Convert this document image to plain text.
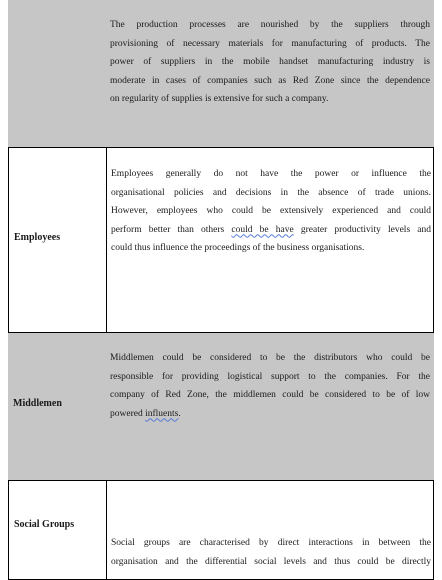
The production processes are nourished by the suppliers through
provisioning of necessary materials for manufacturing of products. The
power of suppliers in the mobile handset manufacturing industry is
moderate in cases of companies such as Red Zone since the dependence
on regularity of supplies is extensive for such a company.

Employees

Employees generally do not have the power or influence the
organisational policies and decisions in the absence of trade unions.
However, employees who could be extensively experienced and could
perform better than others could be have greater productivity levels and
could thus influence the proceedings of the business organisations.

Middlemen

Middlemen could be considered to be the distributors who could be
responsible for providing logistical support to the companies. For the
company of Red Zone, the middlemen could be considered to be of low
powered influents.

Social Groups

Social groups are characterised by direct interactions in between the
organisation and the differential social levels and thus could be directly
